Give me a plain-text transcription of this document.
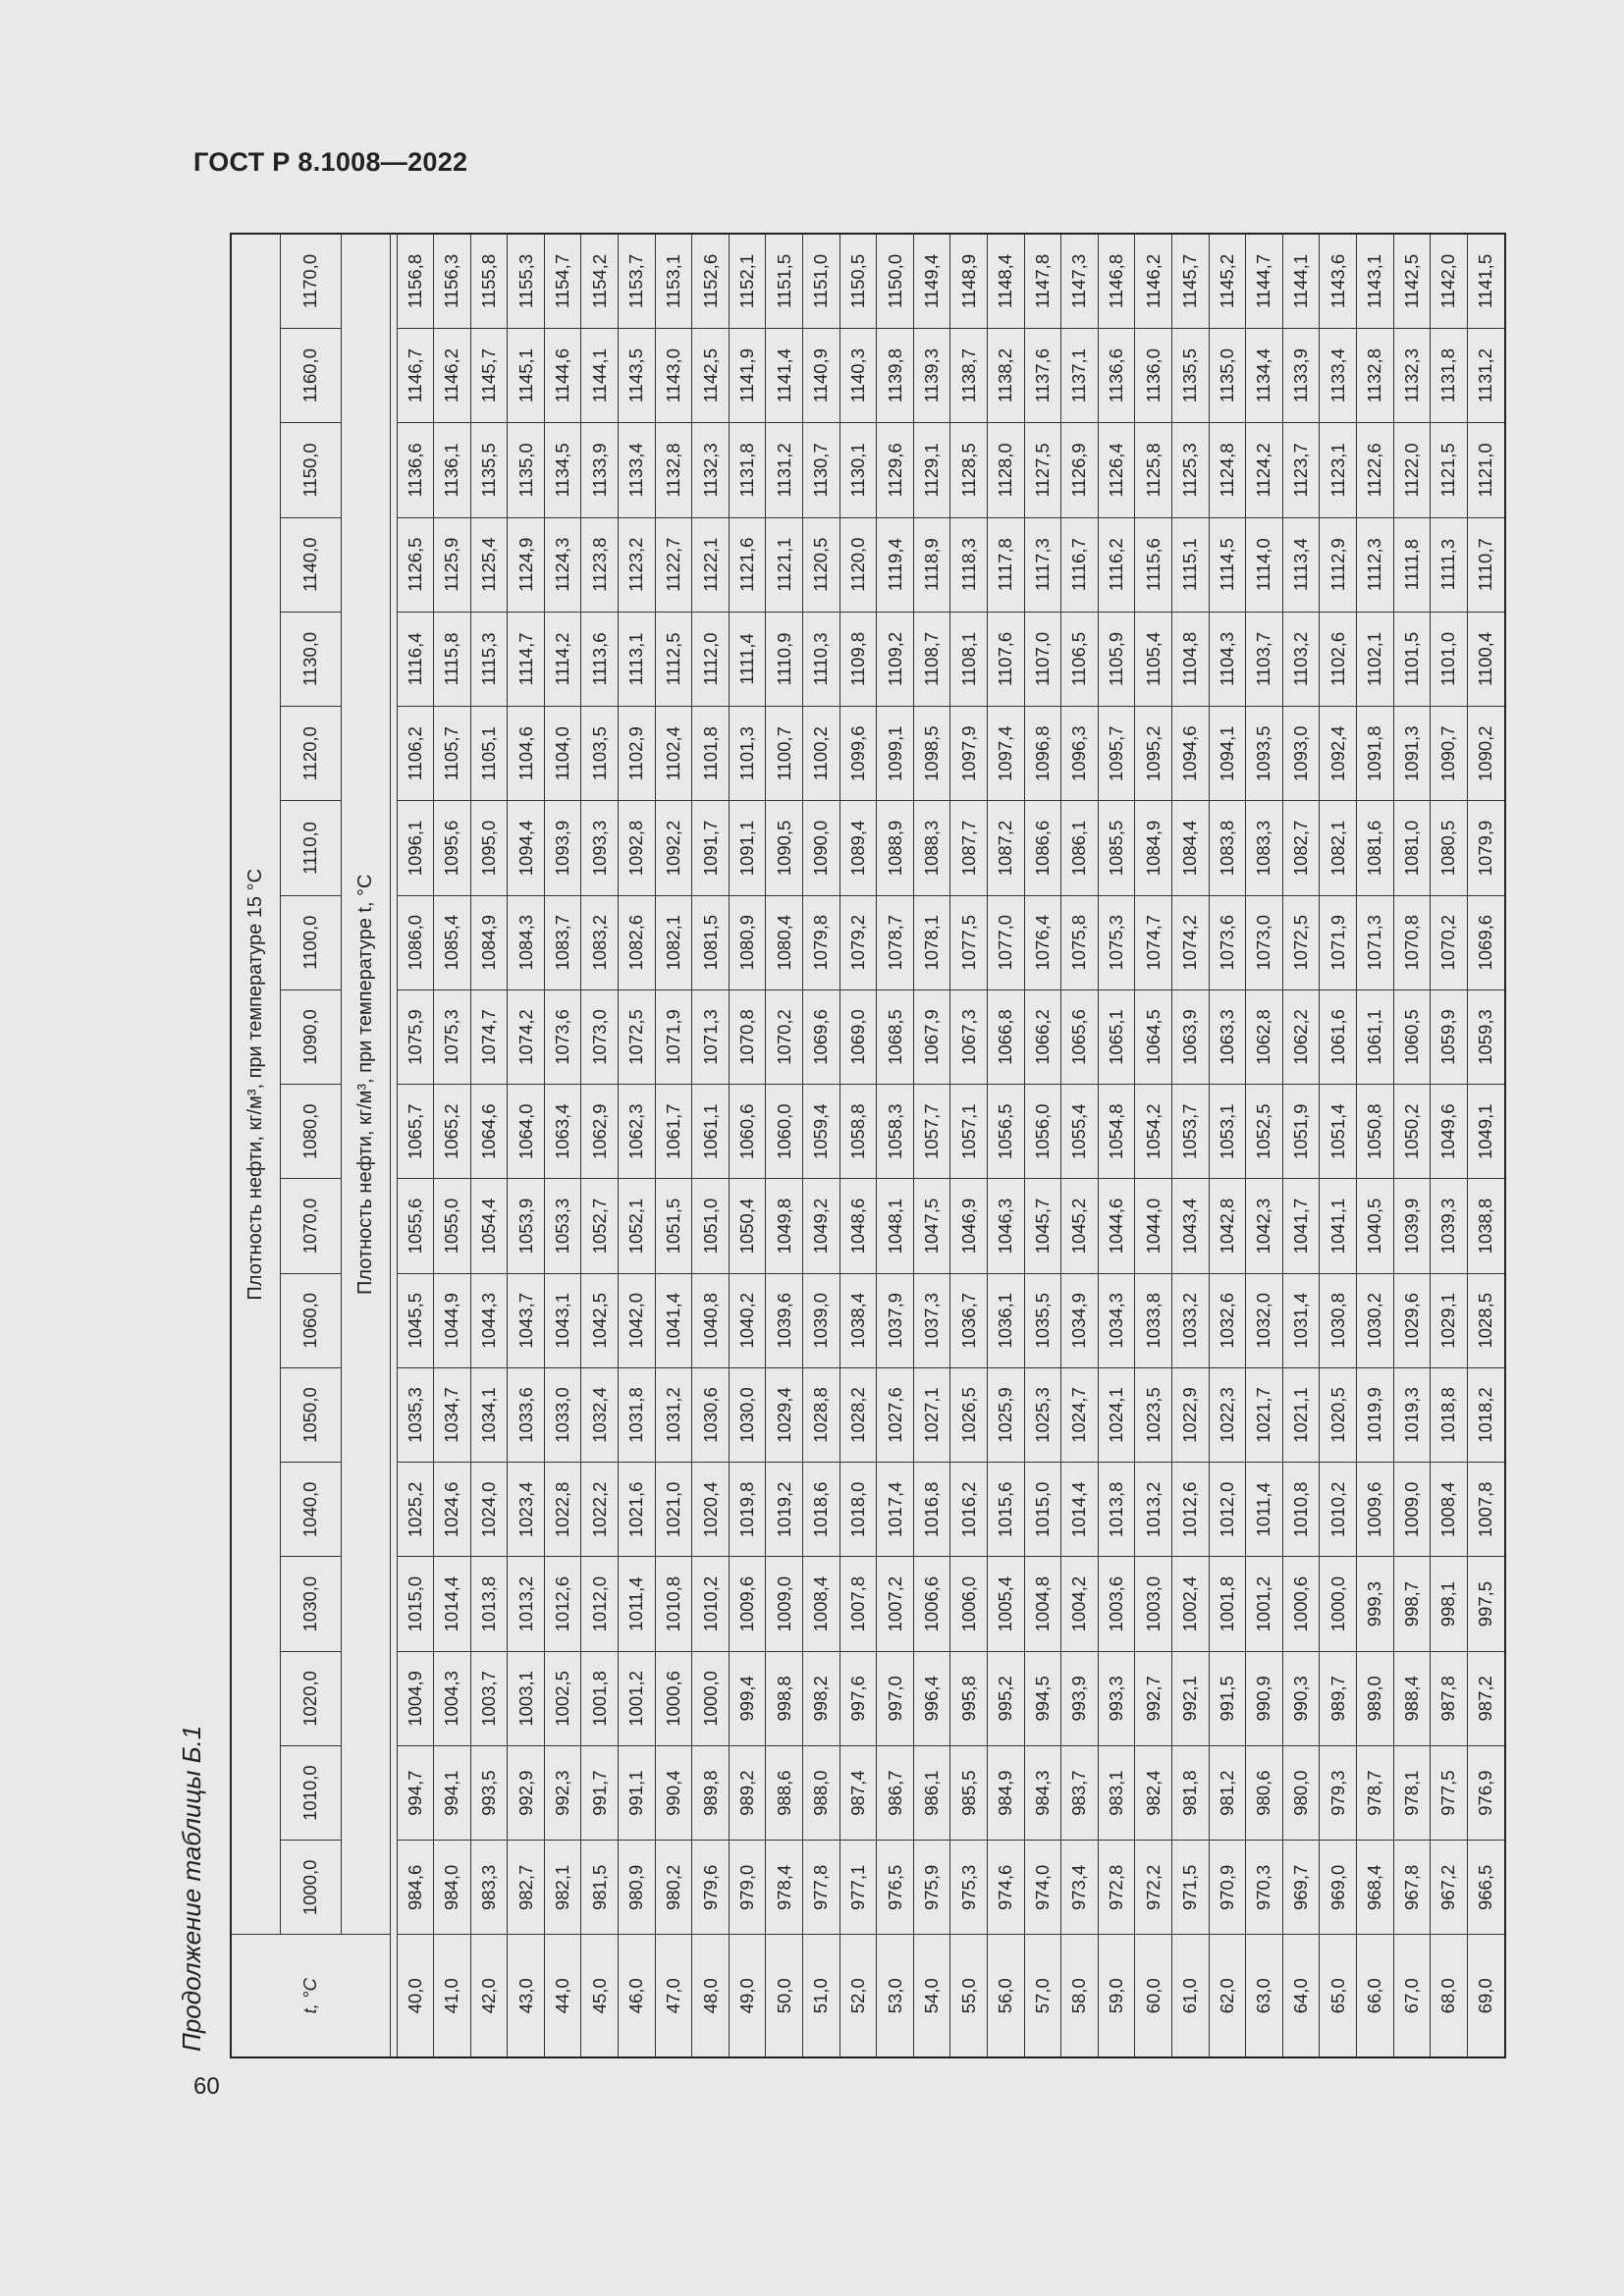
ГОСТ Р 8.1008—2022
Продолжение таблицы Б.1
60
t, °С	Плотность нефти, кг/м³, при температуре 15 °С																	
	1000,0	1010,0	1020,0	1030,0	1040,0	1050,0	1060,0	1070,0	1080,0	1090,0	1100,0	1110,0	1120,0	1130,0	1140,0	1150,0	1160,0	1170,0
	Плотность нефти, кг/м³, при температуре t, °С																	

40,0	984,6	994,7	1004,9	1015,0	1025,2	1035,3	1045,5	1055,6	1065,7	1075,9	1086,0	1096,1	1106,2	1116,4	1126,5	1136,6	1146,7	1156,8
41,0	984,0	994,1	1004,3	1014,4	1024,6	1034,7	1044,9	1055,0	1065,2	1075,3	1085,4	1095,6	1105,7	1115,8	1125,9	1136,1	1146,2	1156,3
42,0	983,3	993,5	1003,7	1013,8	1024,0	1034,1	1044,3	1054,4	1064,6	1074,7	1084,9	1095,0	1105,1	1115,3	1125,4	1135,5	1145,7	1155,8
43,0	982,7	992,9	1003,1	1013,2	1023,4	1033,6	1043,7	1053,9	1064,0	1074,2	1084,3	1094,4	1104,6	1114,7	1124,9	1135,0	1145,1	1155,3
44,0	982,1	992,3	1002,5	1012,6	1022,8	1033,0	1043,1	1053,3	1063,4	1073,6	1083,7	1093,9	1104,0	1114,2	1124,3	1134,5	1144,6	1154,7
45,0	981,5	991,7	1001,8	1012,0	1022,2	1032,4	1042,5	1052,7	1062,9	1073,0	1083,2	1093,3	1103,5	1113,6	1123,8	1133,9	1144,1	1154,2
46,0	980,9	991,1	1001,2	1011,4	1021,6	1031,8	1042,0	1052,1	1062,3	1072,5	1082,6	1092,8	1102,9	1113,1	1123,2	1133,4	1143,5	1153,7
47,0	980,2	990,4	1000,6	1010,8	1021,0	1031,2	1041,4	1051,5	1061,7	1071,9	1082,1	1092,2	1102,4	1112,5	1122,7	1132,8	1143,0	1153,1
48,0	979,6	989,8	1000,0	1010,2	1020,4	1030,6	1040,8	1051,0	1061,1	1071,3	1081,5	1091,7	1101,8	1112,0	1122,1	1132,3	1142,5	1152,6
49,0	979,0	989,2	999,4	1009,6	1019,8	1030,0	1040,2	1050,4	1060,6	1070,8	1080,9	1091,1	1101,3	1111,4	1121,6	1131,8	1141,9	1152,1
50,0	978,4	988,6	998,8	1009,0	1019,2	1029,4	1039,6	1049,8	1060,0	1070,2	1080,4	1090,5	1100,7	1110,9	1121,1	1131,2	1141,4	1151,5
51,0	977,8	988,0	998,2	1008,4	1018,6	1028,8	1039,0	1049,2	1059,4	1069,6	1079,8	1090,0	1100,2	1110,3	1120,5	1130,7	1140,9	1151,0
52,0	977,1	987,4	997,6	1007,8	1018,0	1028,2	1038,4	1048,6	1058,8	1069,0	1079,2	1089,4	1099,6	1109,8	1120,0	1130,1	1140,3	1150,5
53,0	976,5	986,7	997,0	1007,2	1017,4	1027,6	1037,9	1048,1	1058,3	1068,5	1078,7	1088,9	1099,1	1109,2	1119,4	1129,6	1139,8	1150,0
54,0	975,9	986,1	996,4	1006,6	1016,8	1027,1	1037,3	1047,5	1057,7	1067,9	1078,1	1088,3	1098,5	1108,7	1118,9	1129,1	1139,3	1149,4
55,0	975,3	985,5	995,8	1006,0	1016,2	1026,5	1036,7	1046,9	1057,1	1067,3	1077,5	1087,7	1097,9	1108,1	1118,3	1128,5	1138,7	1148,9
56,0	974,6	984,9	995,2	1005,4	1015,6	1025,9	1036,1	1046,3	1056,5	1066,8	1077,0	1087,2	1097,4	1107,6	1117,8	1128,0	1138,2	1148,4
57,0	974,0	984,3	994,5	1004,8	1015,0	1025,3	1035,5	1045,7	1056,0	1066,2	1076,4	1086,6	1096,8	1107,0	1117,3	1127,5	1137,6	1147,8
58,0	973,4	983,7	993,9	1004,2	1014,4	1024,7	1034,9	1045,2	1055,4	1065,6	1075,8	1086,1	1096,3	1106,5	1116,7	1126,9	1137,1	1147,3
59,0	972,8	983,1	993,3	1003,6	1013,8	1024,1	1034,3	1044,6	1054,8	1065,1	1075,3	1085,5	1095,7	1105,9	1116,2	1126,4	1136,6	1146,8
60,0	972,2	982,4	992,7	1003,0	1013,2	1023,5	1033,8	1044,0	1054,2	1064,5	1074,7	1084,9	1095,2	1105,4	1115,6	1125,8	1136,0	1146,2
61,0	971,5	981,8	992,1	1002,4	1012,6	1022,9	1033,2	1043,4	1053,7	1063,9	1074,2	1084,4	1094,6	1104,8	1115,1	1125,3	1135,5	1145,7
62,0	970,9	981,2	991,5	1001,8	1012,0	1022,3	1032,6	1042,8	1053,1	1063,3	1073,6	1083,8	1094,1	1104,3	1114,5	1124,8	1135,0	1145,2
63,0	970,3	980,6	990,9	1001,2	1011,4	1021,7	1032,0	1042,3	1052,5	1062,8	1073,0	1083,3	1093,5	1103,7	1114,0	1124,2	1134,4	1144,7
64,0	969,7	980,0	990,3	1000,6	1010,8	1021,1	1031,4	1041,7	1051,9	1062,2	1072,5	1082,7	1093,0	1103,2	1113,4	1123,7	1133,9	1144,1
65,0	969,0	979,3	989,7	1000,0	1010,2	1020,5	1030,8	1041,1	1051,4	1061,6	1071,9	1082,1	1092,4	1102,6	1112,9	1123,1	1133,4	1143,6
66,0	968,4	978,7	989,0	999,3	1009,6	1019,9	1030,2	1040,5	1050,8	1061,1	1071,3	1081,6	1091,8	1102,1	1112,3	1122,6	1132,8	1143,1
67,0	967,8	978,1	988,4	998,7	1009,0	1019,3	1029,6	1039,9	1050,2	1060,5	1070,8	1081,0	1091,3	1101,5	1111,8	1122,0	1132,3	1142,5
68,0	967,2	977,5	987,8	998,1	1008,4	1018,8	1029,1	1039,3	1049,6	1059,9	1070,2	1080,5	1090,7	1101,0	1111,3	1121,5	1131,8	1142,0
69,0	966,5	976,9	987,2	997,5	1007,8	1018,2	1028,5	1038,8	1049,1	1059,3	1069,6	1079,9	1090,2	1100,4	1110,7	1121,0	1131,2	1141,5
